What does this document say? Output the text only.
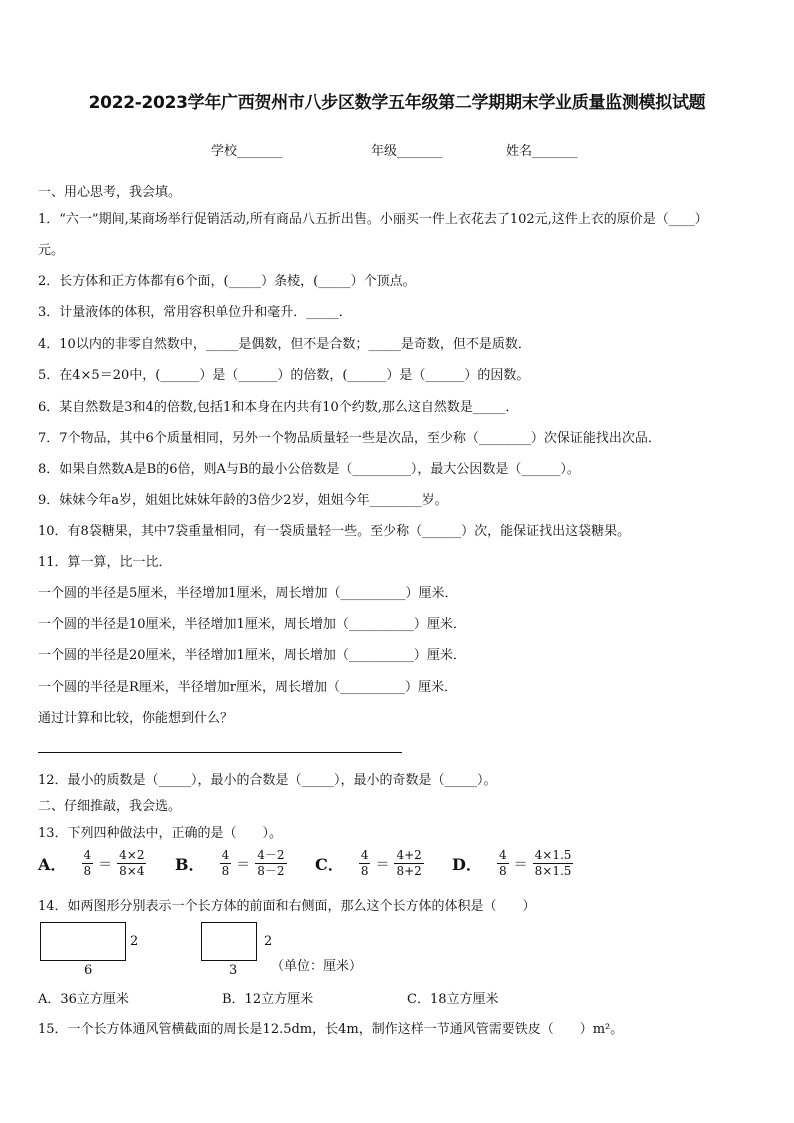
2022-2023学年广西贺州市八步区数学五年级第二学期期末学业质量监测模拟试题
学校_______	年级_______	姓名_______
一、用心思考，我会填。
1．“六一”期间,某商场举行促销活动,所有商品八五折出售。小丽买一件上衣花去了102元,这件上衣的原价是（____）
元。
2．长方体和正方体都有6个面，(_____）条棱，(_____）个顶点。
3．计量液体的体积，常用容积单位升和毫升．_____．
4．10以内的非零自然数中，_____是偶数，但不是合数；_____是奇数，但不是质数．
5．在4×5＝20中，(______）是（______）的倍数，(______）是（______）的因数。
6．某自然数是3和4的倍数,包括1和本身在内共有10个约数,那么这自然数是_____．
7．7个物品，其中6个质量相同，另外一个物品质量轻一些是次品，至少称（________）次保证能找出次品．
8．如果自然数A是B的6倍，则A与B的最小公倍数是（_________），最大公因数是（______）。
9．妹妹今年a岁，姐姐比妹妹年龄的3倍少2岁，姐姐今年________岁。
10．有8袋糖果，其中7袋重量相同，有一袋质量轻一些。至少称（______）次，能保证找出这袋糖果。
11．算一算，比一比．
一个圆的半径是5厘米，半径增加1厘米，周长增加（__________）厘米．
一个圆的半径是10厘米，半径增加1厘米，周长增加（__________）厘米．
一个圆的半径是20厘米，半径增加1厘米，周长增加（__________）厘米．
一个圆的半径是R厘米，半径增加r厘米，周长增加（__________）厘米．
通过计算和比较，你能想到什么？
12．最小的质数是（_____），最小的合数是（_____），最小的奇数是（_____）。
二、仔细推敲，我会选。
13．下列四种做法中，正确的是（　　）。
A． $\frac{4}{8} = \frac{4\times 2}{8\times 4}$ B． $\frac{4}{8} = \frac{4-2}{8-2}$ C． $\frac{4}{8} = \frac{4+2}{8+2}$ D． $\frac{4}{8} = \frac{4\times 1.5}{8\times 1.5}$
14．如两图形分别表示一个长方体的前面和右侧面，那么这个长方体的体积是（　　）
2
6
2
3	（单位：厘米）
A．36立方厘米	B．12立方厘米	C．18立方厘米
15．一个长方体通风管横截面的周长是12.5dm，长4m，制作这样一节通风管需要铁皮（　　）m²。
